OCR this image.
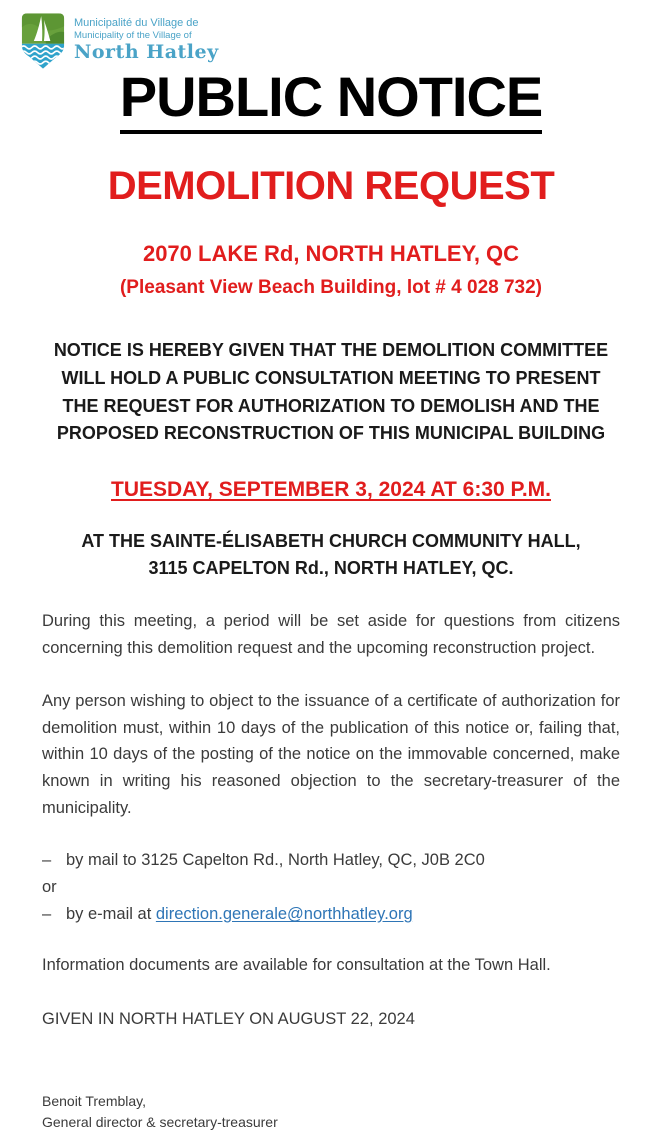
Municipalité du Village de
Municipality of the Village of
North Hatley
PUBLIC NOTICE
DEMOLITION REQUEST
2070 LAKE Rd, NORTH HATLEY, QC
(Pleasant View Beach Building, lot # 4 028 732)
NOTICE IS HEREBY GIVEN THAT THE DEMOLITION COMMITTEE WILL HOLD A PUBLIC CONSULTATION MEETING TO PRESENT THE REQUEST FOR AUTHORIZATION TO DEMOLISH AND THE PROPOSED RECONSTRUCTION OF THIS MUNICIPAL BUILDING
TUESDAY, SEPTEMBER 3, 2024 AT 6:30 P.M.
AT THE SAINTE-ÉLISABETH CHURCH COMMUNITY HALL,
3115 CAPELTON Rd., NORTH HATLEY, QC.

During this meeting, a period will be set aside for questions from citizens concerning this demolition request and the upcoming reconstruction project.

Any person wishing to object to the issuance of a certificate of authorization for demolition must, within 10 days of the publication of this notice or, failing that, within 10 days of the posting of the notice on the immovable concerned, make known in writing his reasoned objection to the secretary-treasurer of the municipality.

– by mail to 3125 Capelton Rd., North Hatley, QC, J0B 2C0
or
– by e-mail at direction.generale@northhatley.org

Information documents are available for consultation at the Town Hall.

GIVEN IN NORTH HATLEY ON AUGUST 22, 2024

Benoit Tremblay,
General director & secretary-treasurer
